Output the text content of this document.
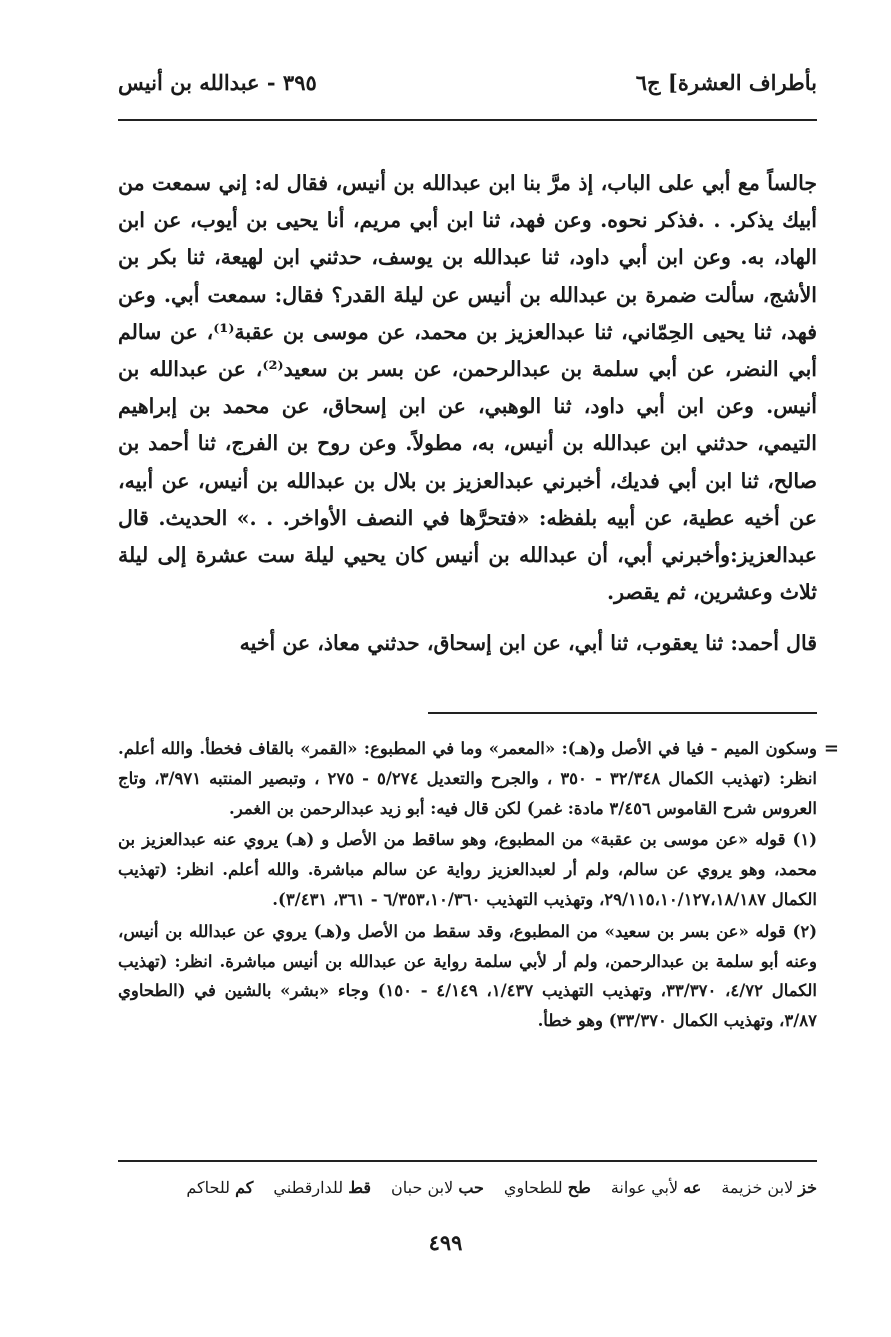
بأطراف العشرة] ج٦
٣٩٥ - عبدالله بن أنيس

جالساً مع أبي على الباب، إذ مرَّ بنا ابن عبدالله بن أنيس، فقال له: إني سمعت من أبيك يذكر. . .فذكر نحوه. وعن فهد، ثنا ابن أبي مريم، أنا يحيى بن أيوب، عن ابن الهاد، به. وعن ابن أبي داود، ثنا عبدالله بن يوسف، حدثني ابن لهيعة، ثنا بكر بن الأشج، سألت ضمرة بن عبدالله بن أنيس عن ليلة القدر؟ فقال: سمعت أبي. وعن فهد، ثنا يحيى الحِمّاني، ثنا عبدالعزيز بن محمد، عن موسى بن عقبة⁽¹⁾، عن سالم أبي النضر، عن أبي سلمة بن عبدالرحمن، عن بسر بن سعيد⁽²⁾، عن عبدالله بن أنيس. وعن ابن أبي داود، ثنا الوهبي، عن ابن إسحاق، عن محمد بن إبراهيم التيمي، حدثني ابن عبدالله بن أنيس، به، مطولاً. وعن روح بن الفرج، ثنا أحمد بن صالح، ثنا ابن أبي فديك، أخبرني عبدالعزيز بن بلال بن عبدالله بن أنيس، عن أبيه، عن أخيه عطية، عن أبيه بلفظه: «فتحرَّها في النصف الأواخر. . .» الحديث. قال عبدالعزيز:وأخبرني أبي، أن عبدالله بن أنيس كان يحيي ليلة ست عشرة إلى ليلة ثلاث وعشرين، ثم يقصر.

قال أحمد: ثنا يعقوب، ثنا أبي، عن ابن إسحاق، حدثني معاذ، عن أخيه

=

وسكون الميم - فيا في الأصل و(هـ): «المعمر» وما في المطبوع: «القمر» بالقاف فخطأ. والله أعلم. انظر: (تهذيب الكمال ٣٢/٣٤٨ - ٣٥٠ ، والجرح والتعديل ٥/٢٧٤ - ٢٧٥ ، وتبصير المنتبه ٣/٩٧١، وتاج العروس شرح القاموس ٣/٤٥٦ مادة: غمر) لكن قال فيه: أبو زيد عبدالرحمن بن الغمر.

(١) قوله «عن موسى بن عقبة» من المطبوع، وهو ساقط من الأصل و (هـ) يروي عنه عبدالعزيز بن محمد، وهو يروي عن سالم، ولم أر لعبدالعزيز رواية عن سالم مباشرة. والله أعلم. انظر: (تهذيب الكمال ٢٩/١١٥،١٠/١٢٧،١٨/١٨٧، وتهذيب التهذيب ٦/٣٥٣،١٠/٣٦٠ - ٣٦١، ٣/٤٣١).

(٢) قوله «عن بسر بن سعيد» من المطبوع، وقد سقط من الأصل و(هـ) يروي عن عبدالله بن أنيس، وعنه أبو سلمة بن عبدالرحمن، ولم أر لأبي سلمة رواية عن عبدالله بن أنيس مباشرة. انظر: (تهذيب الكمال ٤/٧٢، ٣٣/٣٧٠، وتهذيب التهذيب ١/٤٣٧، ٤/١٤٩ - ١٥٠) وجاء «بشر» بالشين في (الطحاوي ٣/٨٧، وتهذيب الكمال ٣٣/٣٧٠) وهو خطأ.

خز لابن خزيمة
عه لأبي عوانة
طح للطحاوي
حب لابن حبان
قط للدارقطني
كم للحاكم
٤٩٩
